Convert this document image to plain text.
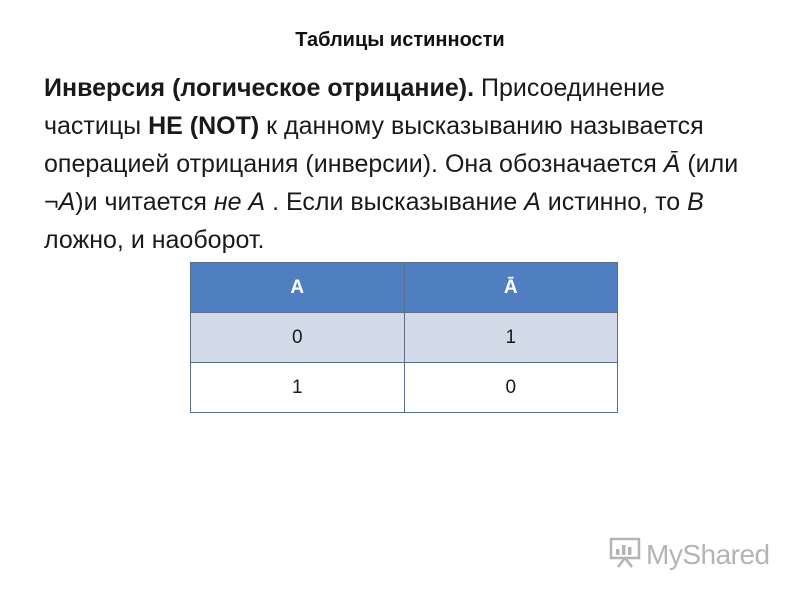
Таблицы истинности
Инверсия (логическое отрицание). Присоединение частицы НЕ (NOT) к данному высказыванию называется операцией отрицания (инверсии). Она обозначается Ā (или ¬А)и читается не А . Если высказывание А истинно, то В ложно, и наоборот.
А	Ā
0	1
1	0
MyShared
